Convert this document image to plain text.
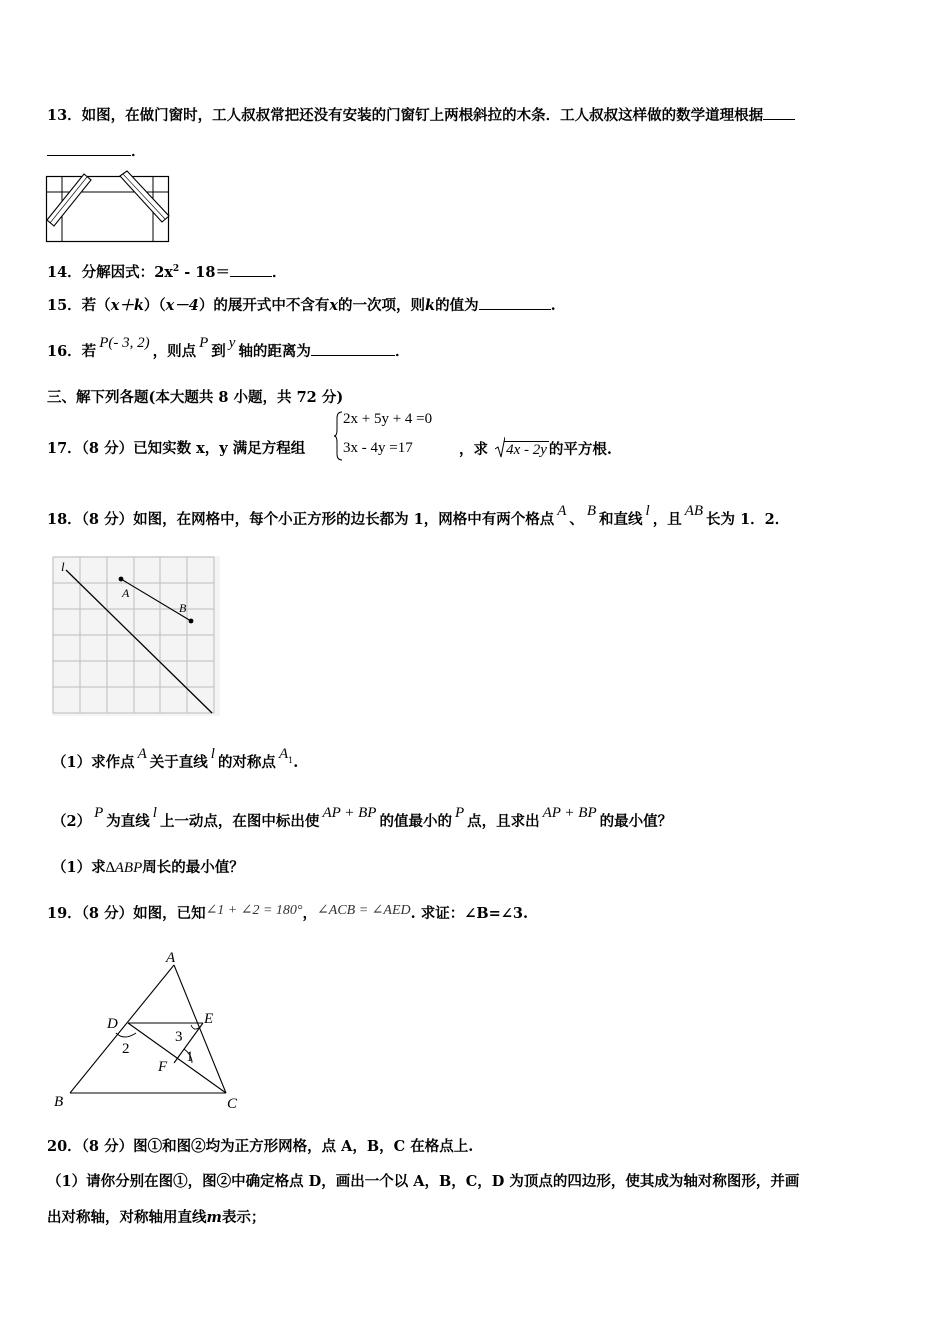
13．如图，在做门窗时，工人叔叔常把还没有安装的门窗钉上两根斜拉的木条．工人叔叔这样做的数学道理根据
．
14．分解因式：$2x^2 - 18=$	．
15．若（x＋k）（x－4）的展开式中不含有x的一次项，则k的值为	.
16．若 P(- 3, 2) ，则点 P 到 y 轴的距离为	．
三、解下列各题(本大题共 8 小题，共 72 分)
17．（8 分）已知实数 x，y 满足方程组
2x + 5y + 4 =0
3x - 4y =17	，求 4x - 2y 的平方根.
18．（8 分）如图，在网格中，每个小正方形的边长都为 1，网格中有两个格点 A 、 B 和直线 l ，且 AB 长为 1．2．
l
A
B
（1）求作点 A 关于直线 l 的对称点 $A_1$.
（2） P 为直线 l 上一动点，在图中标出使 AP + BP 的值最小的 P 点，且求出 AP + BP 的最小值？
（1）求∆ABP周长的最小值？
19．（8 分）如图，已知∠1 + ∠2 = 180°，∠ACB = ∠AED. 求证：∠B=∠3.
A
B	C
D	E
F
1
2
3
20．（8 分）图①和图②均为正方形网格，点 A，B，C 在格点上.
（1）请你分别在图①，图②中确定格点 D，画出一个以 A，B，C，D 为顶点的四边形，使其成为轴对称图形，并画
出对称轴，对称轴用直线m表示；
